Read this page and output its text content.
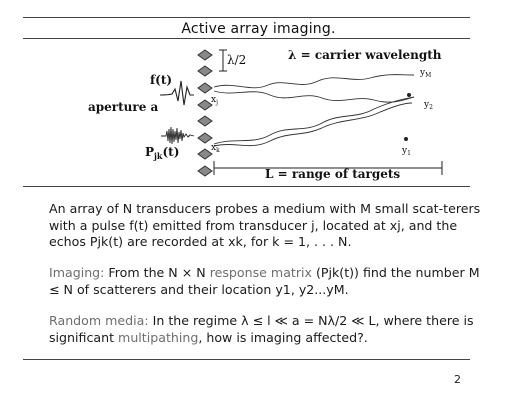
Active array imaging.
λ/2	λ = carrier wavelength
aperture a
f(t)
$P_{jk}(t)$
$x_j$
$x_k$
$y_M$
$y_2$
$y_1$
L = range of targets

An array of N transducers probes a medium with M small scat-terers with a pulse f(t) emitted from transducer j, located at xj, and the echos Pjk(t) are recorded at xk, for k = 1, . . . N.

Imaging: From the N × N response matrix (Pjk(t)) find the number M ≤ N of scatterers and their location y1, y2...yM.

Random media: In the regime λ ≤ l ≪ a = Nλ/2 ≪ L, where there is significant multipathing, how is imaging affected?.

2
